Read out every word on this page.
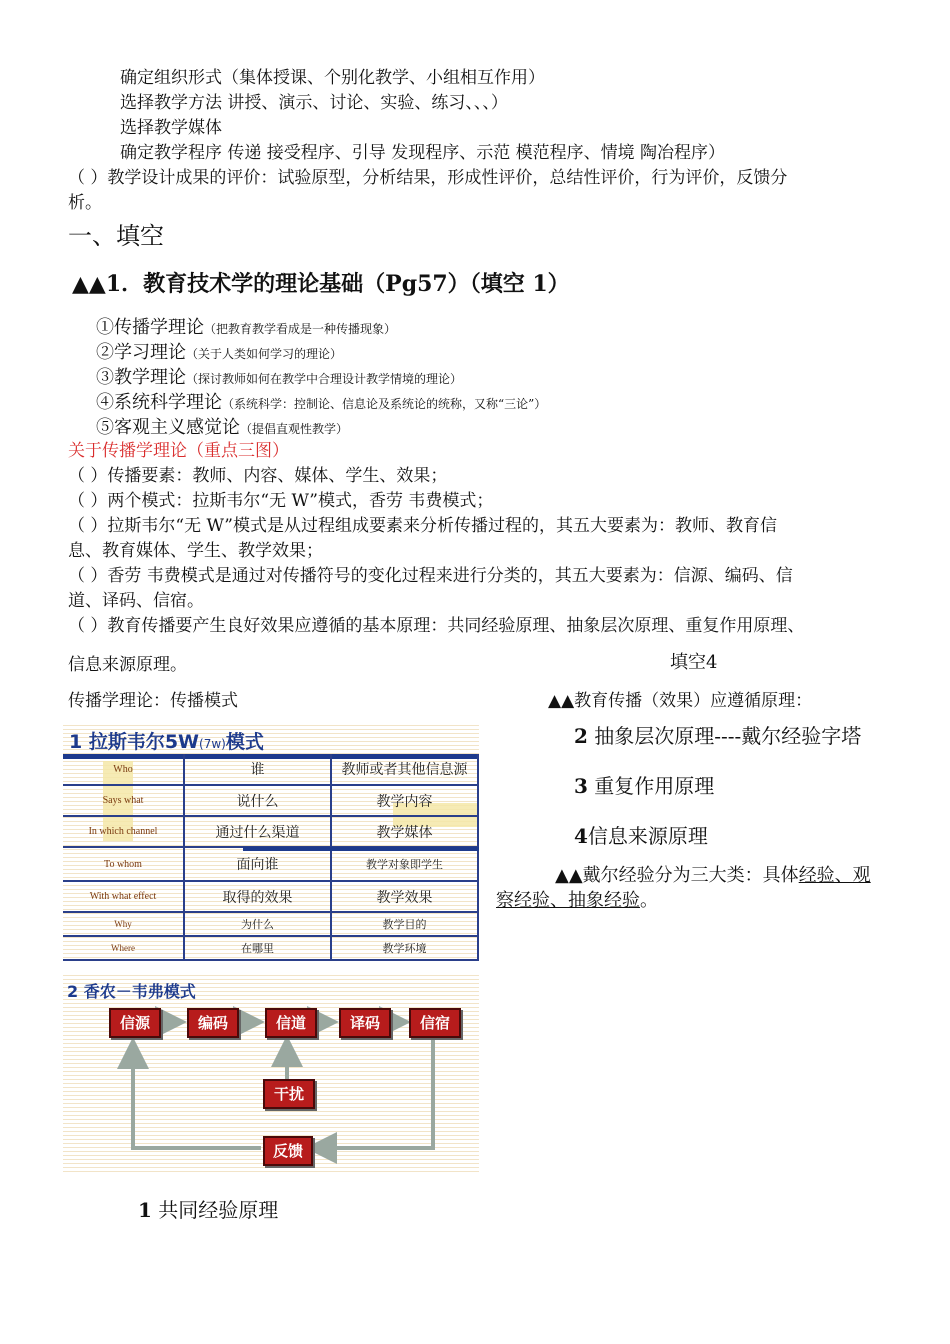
确定组织形式（集体授课、个别化教学、小组相互作用）
选择教学方法 讲授、演示、讨论、实验、练习、、、）
选择教学媒体
确定教学程序 传递 接受程序、引导 发现程序、示范 模范程序、情境 陶冶程序）
（ ）教学设计成果的评价：试验原型，分析结果，形成性评价，总结性评价，行为评价，反馈分
析。
一、填空
▲▲1．教育技术学的理论基础（Pg57）（填空 1）
①传播学理论（把教育教学看成是一种传播现象）
②学习理论（关于人类如何学习的理论）
③教学理论（探讨教师如何在教学中合理设计教学情境的理论）
④系统科学理论（系统科学：控制论、信息论及系统论的统称，又称“三论”）
⑤客观主义感觉论（提倡直观性教学）
关于传播学理论（重点三图）
（ ）传播要素：教师、内容、媒体、学生、效果；
（ ）两个模式：拉斯韦尔“无 W”模式，香劳 韦费模式；
（ ）拉斯韦尔“无 W”模式是从过程组成要素来分析传播过程的，其五大要素为：教师、教育信
息、教育媒体、学生、教学效果；
（ ）香劳 韦费模式是通过对传播符号的变化过程来进行分类的，其五大要素为：信源、编码、信
道、译码、信宿。
（ ）教育传播要产生良好效果应遵循的基本原理：共同经验原理、抽象层次原理、重复作用原理、
信息来源原理。	填空4
传播学理论：传播模式	▲▲教育传播（效果）应遵循原理：
2 抽象层次原理----戴尔经验字塔
3 重复作用原理
4信息来源原理
▲▲戴尔经验分为三大类：具体经验、观
察经验、抽象经验。
1 拉斯韦尔5W(7w)模式
Who	谁	教师或者其他信息源
Says what	说什么	教学内容
In which channel	通过什么渠道	教学媒体
To whom	面向谁	教学对象即学生
With what effect	取得的效果	教学效果
Why	为什么	教学目的
Where	在哪里	教学环境
2 香农－韦弗模式
信源	编码	信道	译码	信宿
干扰
反馈
1 共同经验原理
